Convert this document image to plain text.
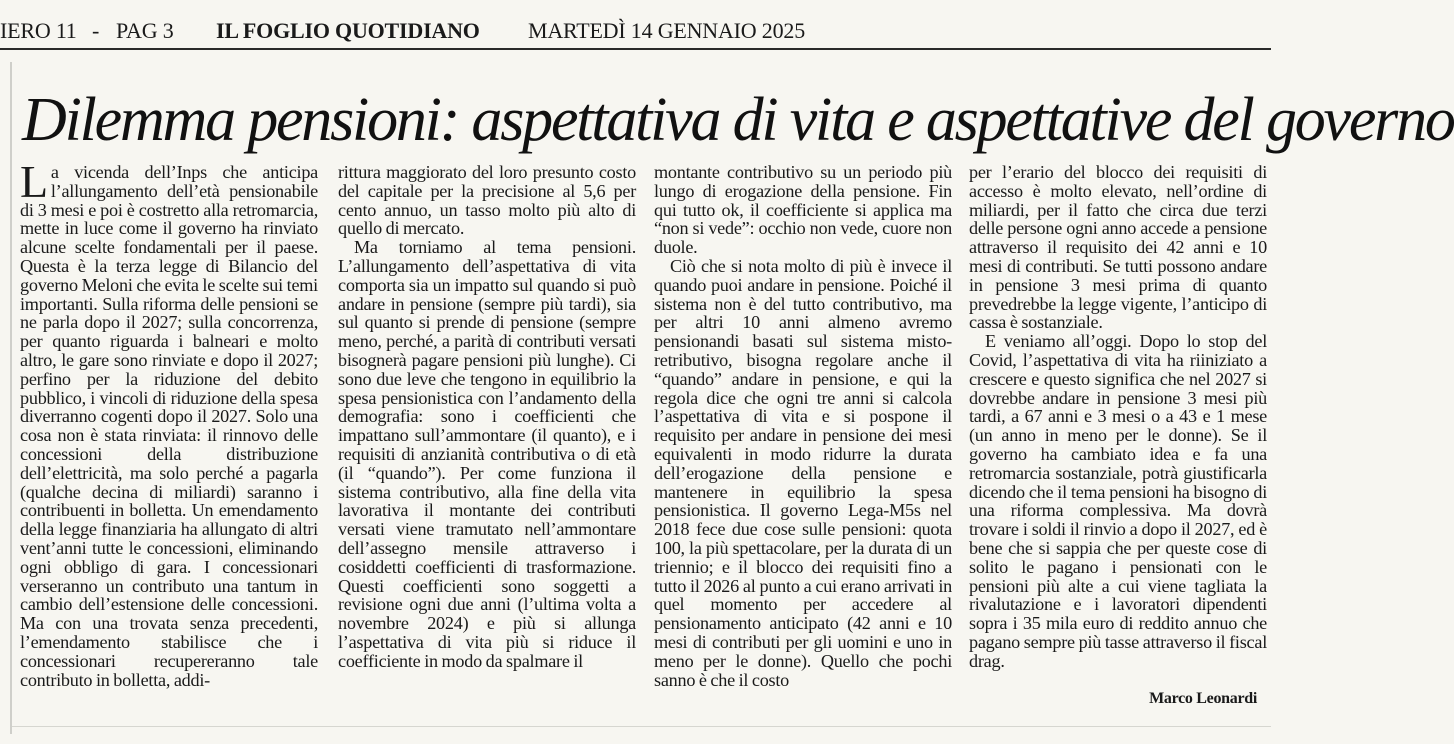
IERO 11 - PAG 3 IL FOGLIO QUOTIDIANO MARTEDÌ 14 GENNAIO 2025
Dilemma pensioni: aspettativa di vita e aspettative del governo

La vicenda dell’Inps che anticipa l’allungamento dell’età pensionabile di 3 mesi e poi è costretto alla retromarcia, mette in luce come il governo ha rinviato alcune scelte fondamentali per il paese. Questa è la terza legge di Bilancio del governo Meloni che evita le scelte sui temi importanti. Sulla riforma delle pensioni se ne parla dopo il 2027; sulla concorrenza, per quanto riguarda i balneari e molto altro, le gare sono rinviate e dopo il 2027; perfino per la riduzione del debito pubblico, i vincoli di riduzione della spesa diverranno cogenti dopo il 2027. Solo una cosa non è stata rinviata: il rinnovo delle concessioni della distribuzione dell’elettricità, ma solo perché a pagarla (qualche decina di miliardi) saranno i contribuenti in bolletta. Un emendamento della legge finanziaria ha allungato di altri vent’anni tutte le concessioni, eliminando ogni obbligo di gara. I concessionari verseranno un contributo una tantum in cambio dell’estensione delle concessioni. Ma con una trovata senza precedenti, l’emendamento stabilisce che i concessionari recupereranno tale contributo in bolletta, addi-

rittura maggiorato del loro presunto costo del capitale per la precisione al 5,6 per cento annuo, un tasso molto più alto di quello di mercato.

Ma torniamo al tema pensioni. L’allungamento dell’aspettativa di vita comporta sia un impatto sul quando si può andare in pensione (sempre più tardi), sia sul quanto si prende di pensione (sempre meno, perché, a parità di contributi versati bisognerà pagare pensioni più lunghe). Ci sono due leve che tengono in equilibrio la spesa pensionistica con l’andamento della demografia: sono i coefficienti che impattano sull’ammontare (il quanto), e i requisiti di anzianità contributiva o di età (il “quando”). Per come funziona il sistema contributivo, alla fine della vita lavorativa il montante dei contributi versati viene tramutato nell’ammontare dell’assegno mensile attraverso i cosiddetti coefficienti di trasformazione. Questi coefficienti sono soggetti a revisione ogni due anni (l’ultima volta a novembre 2024) e più si allunga l’aspettativa di vita più si riduce il coefficiente in modo da spalmare il

montante contributivo su un periodo più lungo di erogazione della pensione. Fin qui tutto ok, il coefficiente si applica ma “non si vede”: occhio non vede, cuore non duole.

Ciò che si nota molto di più è invece il quando puoi andare in pensione. Poiché il sistema non è del tutto contributivo, ma per altri 10 anni almeno avremo pensionandi basati sul sistema misto-retributivo, bisogna regolare anche il “quando” andare in pensione, e qui la regola dice che ogni tre anni si calcola l’aspettativa di vita e si pospone il requisito per andare in pensione dei mesi equivalenti in modo ridurre la durata dell’erogazione della pensione e mantenere in equilibrio la spesa pensionistica. Il governo Lega-M5s nel 2018 fece due cose sulle pensioni: quota 100, la più spettacolare, per la durata di un triennio; e il blocco dei requisiti fino a tutto il 2026 al punto a cui erano arrivati in quel momento per accedere al pensionamento anticipato (42 anni e 10 mesi di contributi per gli uomini e uno in meno per le donne). Quello che pochi sanno è che il costo

per l’erario del blocco dei requisiti di accesso è molto elevato, nell’ordine di miliardi, per il fatto che circa due terzi delle persone ogni anno accede a pensione attraverso il requisito dei 42 anni e 10 mesi di contributi. Se tutti possono andare in pensione 3 mesi prima di quanto prevedrebbe la legge vigente, l’anticipo di cassa è sostanziale.

E veniamo all’oggi. Dopo lo stop del Covid, l’aspettativa di vita ha riiniziato a crescere e questo significa che nel 2027 si dovrebbe andare in pensione 3 mesi più tardi, a 67 anni e 3 mesi o a 43 e 1 mese (un anno in meno per le donne). Se il governo ha cambiato idea e fa una retromarcia sostanziale, potrà giustificarla dicendo che il tema pensioni ha bisogno di una riforma complessiva. Ma dovrà trovare i soldi il rinvio a dopo il 2027, ed è bene che si sappia che per queste cose di solito le pagano i pensionati con le pensioni più alte a cui viene tagliata la rivalutazione e i lavoratori dipendenti sopra i 35 mila euro di reddito annuo che pagano sempre più tasse attraverso il fiscal drag.

Marco Leonardi
